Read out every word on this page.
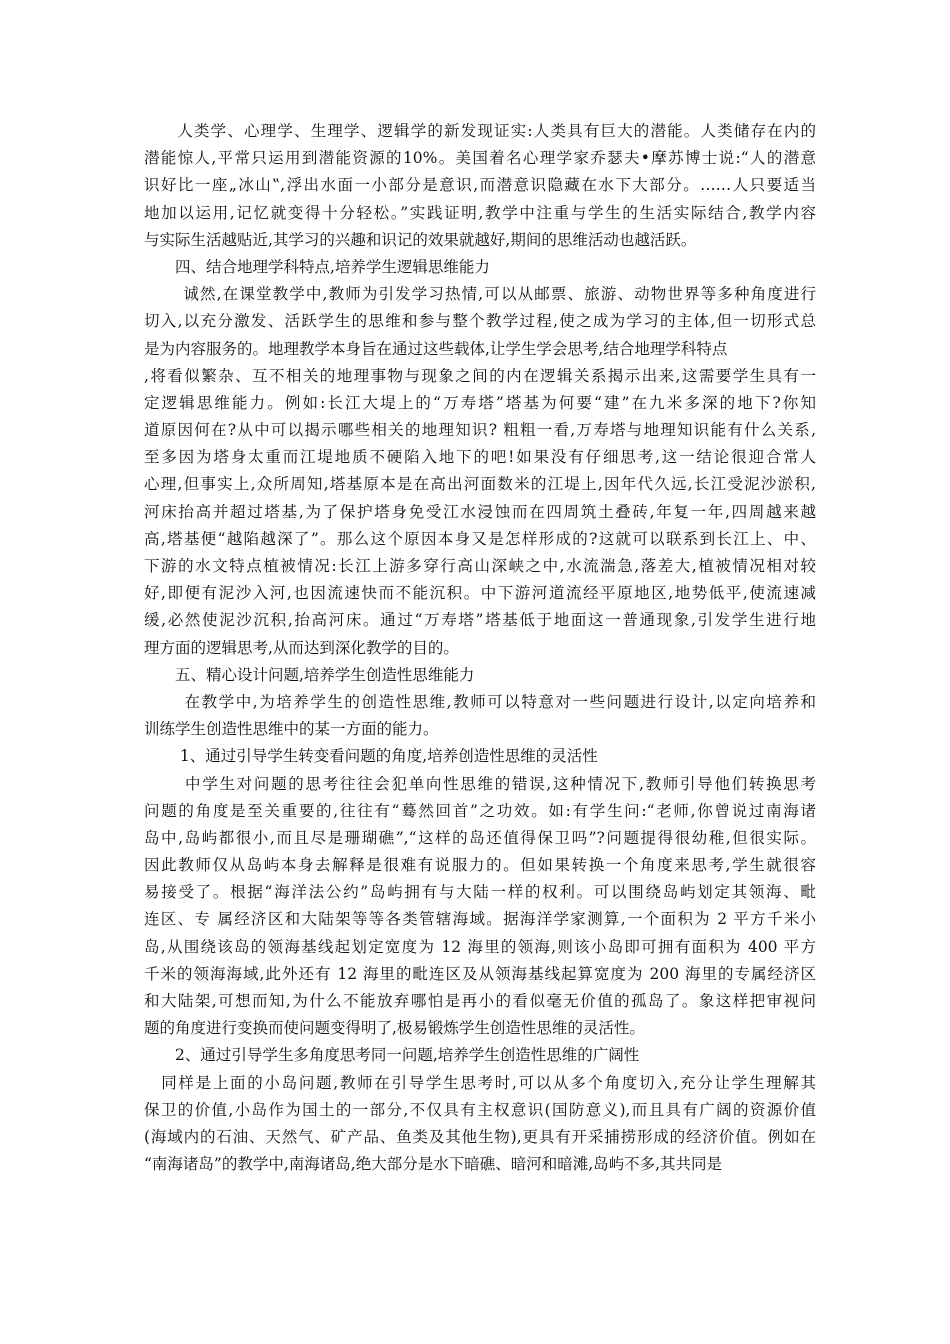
　　人类学、心理学、生理学、逻辑学的新发现证实:人类具有巨大的潜能。人类储存在内的
潜能惊人,平常只运用到潜能资源的10%。美国着名心理学家乔瑟夫•摩苏博士说:“人的潜意
识好比一座„冰山‟,浮出水面一小部分是意识,而潜意识隐藏在水下大部分。……人只要适当
地加以运用,记忆就变得十分轻松。”实践证明,教学中注重与学生的生活实际结合,教学内容
与实际生活越贴近,其学习的兴趣和识记的效果就越好,期间的思维活动也越活跃。
　　四、结合地理学科特点,培养学生逻辑思维能力
　　 诚然,在课堂教学中,教师为引发学习热情,可以从邮票、旅游、动物世界等多种角度进行
切入,以充分激发、活跃学生的思维和参与整个教学过程,使之成为学习的主体,但一切形式总
是为内容服务的。地理教学本身旨在通过这些载体,让学生学会思考,结合地理学科特点
,将看似繁杂、互不相关的地理事物与现象之间的内在逻辑关系揭示出来,这需要学生具有一
定逻辑思维能力。例如:长江大堤上的“万寿塔”塔基为何要“建”在九米多深的地下?你知
道原因何在?从中可以揭示哪些相关的地理知识? 粗粗一看,万寿塔与地理知识能有什么关系,
至多因为塔身太重而江堤地质不硬陷入地下的吧!如果没有仔细思考,这一结论很迎合常人
心理,但事实上,众所周知,塔基原本是在高出河面数米的江堤上,因年代久远,长江受泥沙淤积,
河床抬高并超过塔基,为了保护塔身免受江水浸蚀而在四周筑土叠砖,年复一年,四周越来越
高,塔基便“越陷越深了”。那么这个原因本身又是怎样形成的?这就可以联系到长江上、中、
下游的水文特点植被情况:长江上游多穿行高山深峡之中,水流湍急,落差大,植被情况相对较
好,即便有泥沙入河,也因流速快而不能沉积。中下游河道流经平原地区,地势低平,使流速减
缓,必然使泥沙沉积,抬高河床。通过“万寿塔”塔基低于地面这一普通现象,引发学生进行地
理方面的逻辑思考,从而达到深化教学的目的。
　　五、精心设计问题,培养学生创造性思维能力
　　 在教学中,为培养学生的创造性思维,教师可以特意对一些问题进行设计,以定向培养和
训练学生创造性思维中的某一方面的能力。
　　 1、通过引导学生转变看问题的角度,培养创造性思维的灵活性
　　 中学生对问题的思考往往会犯单向性思维的错误,这种情况下,教师引导他们转换思考
问题的角度是至关重要的,往往有“蓦然回首”之功效。如:有学生问:“老师,你曾说过南海诸
岛中,岛屿都很小,而且尽是珊瑚礁”,“这样的岛还值得保卫吗”?问题提得很幼稚,但很实际。
因此教师仅从岛屿本身去解释是很难有说服力的。但如果转换一个角度来思考,学生就很容
易接受了。根据“海洋法公约”岛屿拥有与大陆一样的权利。可以围绕岛屿划定其领海、毗
连区、专 属经济区和大陆架等等各类管辖海域。据海洋学家测算,一个面积为 2 平方千米小
岛,从围绕该岛的领海基线起划定宽度为 12 海里的领海,则该小岛即可拥有面积为 400 平方
千米的领海海域,此外还有 12 海里的毗连区及从领海基线起算宽度为 200 海里的专属经济区
和大陆架,可想而知,为什么不能放弃哪怕是再小的看似毫无价值的孤岛了。象这样把审视问
题的角度进行变换而使问题变得明了,极易锻炼学生创造性思维的灵活性。
　　2、通过引导学生多角度思考同一问题,培养学生创造性思维的广阔性
　同样是上面的小岛问题,教师在引导学生思考时,可以从多个角度切入,充分让学生理解其
保卫的价值,小岛作为国土的一部分,不仅具有主权意识(国防意义),而且具有广阔的资源价值
(海域内的石油、天然气、矿产品、鱼类及其他生物),更具有开采捕捞形成的经济价值。例如在
“南海诸岛”的教学中,南海诸岛,绝大部分是水下暗礁、暗河和暗滩,岛屿不多,其共同是
